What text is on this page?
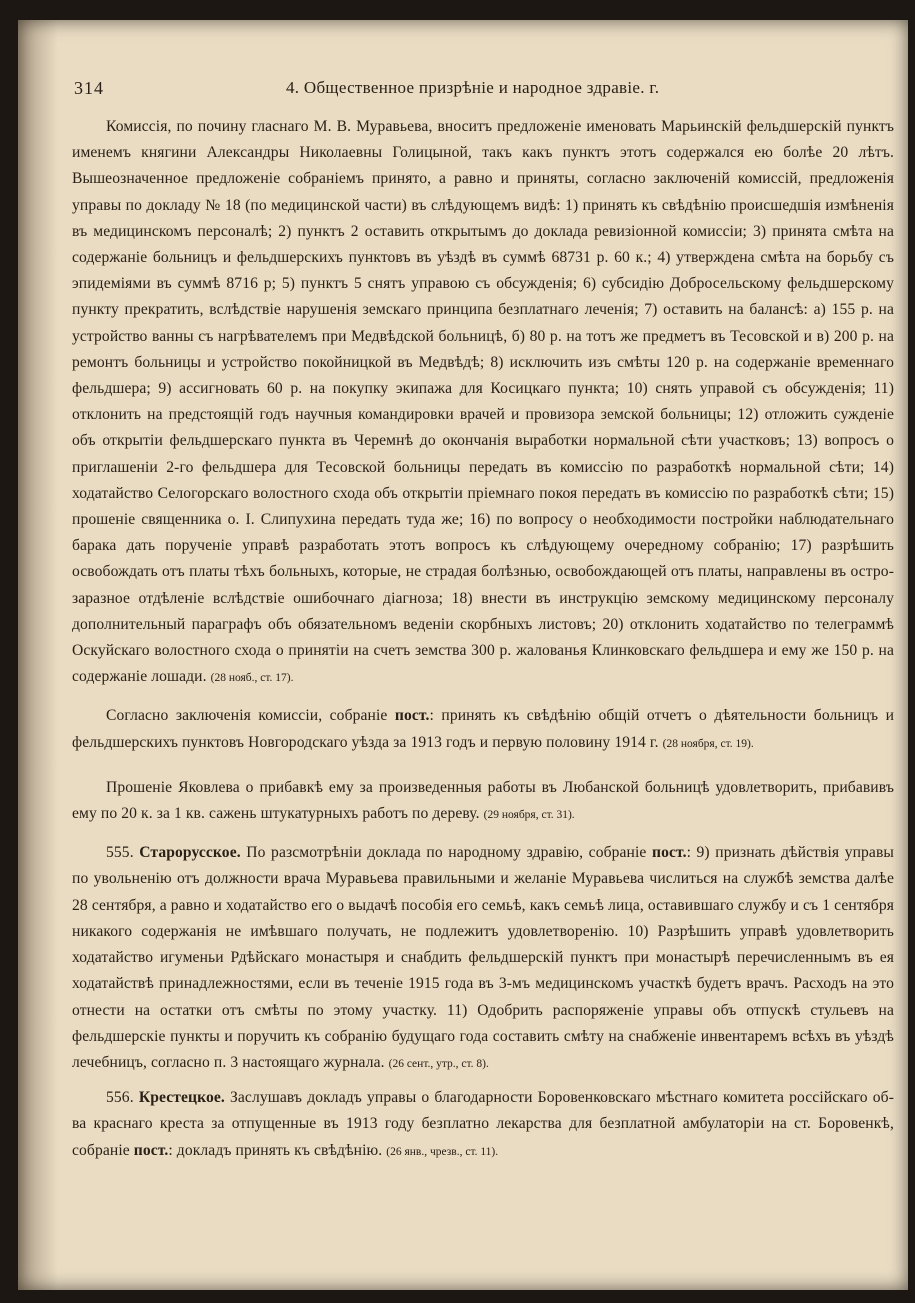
314	4. Общественное призрѣніе и народное здравіе. г.

Комиссія, по почину гласнаго М. В. Муравьева, вноситъ предложеніе именовать Марьинскій фельдшерскій пунктъ именемъ княгини Александры Николаевны Голицыной, такъ какъ пунктъ этотъ содержался ею болѣе 20 лѣтъ. Вышеозначенное предложеніе собраніемъ принято, а равно и приняты, согласно заключеній комиссій, предложенія управы по докладу № 18 (по медицинской части) въ слѣдующемъ видѣ: 1) принять къ свѣдѣнію происшедшія измѣненія въ медицинскомъ персоналѣ; 2) пунктъ 2 оставить открытымъ до доклада ревизіонной комиссіи; 3) принята смѣта на содержаніе больницъ и фельдшерскихъ пунктовъ въ уѣздѣ въ суммѣ 68731 р. 60 к.; 4) утверждена смѣта на борьбу съ эпидеміями въ суммѣ 8716 р; 5) пунктъ 5 снятъ управою съ обсужденія; 6) субсидію Добросельскому фельдшерскому пункту прекратить, вслѣдствіе нарушенія земскаго принципа безплатнаго леченія; 7) оставить на балансѣ: а) 155 р. на устройство ванны съ нагрѣвателемъ при Медвѣдской больницѣ, б) 80 р. на тотъ же предметъ въ Тесовской и в) 200 р. на ремонтъ больницы и устройство покойницкой въ Медвѣдѣ; 8) исключить изъ смѣты 120 р. на содержаніе временнаго фельдшера; 9) ассигновать 60 р. на покупку экипажа для Косицкаго пункта; 10) снять управой съ обсужденія; 11) отклонить на предстоящій годъ научныя командировки врачей и провизора земской больницы; 12) отложить сужденіе объ открытіи фельдшерскаго пункта въ Черемнѣ до окончанія выработки нормальной сѣти участковъ; 13) вопросъ о приглашеніи 2-го фельдшера для Тесовской больницы передать въ комиссію по разработкѣ нормальной сѣти; 14) ходатайство Селогорскаго волостного схода объ открытіи пріемнаго покоя передать въ комиссію по разработкѣ сѣти; 15) прошеніе священника о. І. Слипухина передать туда же; 16) по вопросу о необходимости постройки наблюдательнаго барака дать порученіе управѣ разработать этотъ вопросъ къ слѣдующему очередному собранію; 17) разрѣшить освобождать отъ платы тѣхъ больныхъ, которые, не страдая болѣзнью, освобождающей отъ платы, направлены въ остро-заразное отдѣленіе вслѣдствіе ошибочнаго діагноза; 18) внести въ инструкцію земскому медицинскому персоналу дополнительный параграфъ объ обязательномъ веденіи скорбныхъ листовъ; 20) отклонить ходатайство по телеграммѣ Оскуйскаго волостного схода о принятіи на счетъ земства 300 р. жалованья Клинковскаго фельдшера и ему же 150 р. на содержаніе лошади. (28 нояб., ст. 17).

Согласно заключенія комиссіи, собраніе пост.: принять къ свѣдѣнію общій отчетъ о дѣятельности больницъ и фельдшерскихъ пунктовъ Новгородскаго уѣзда за 1913 годъ и первую половину 1914 г. (28 ноября, ст. 19).

Прошеніе Яковлева о прибавкѣ ему за произведенныя работы въ Любанской больницѣ удовлетворить, прибавивъ ему по 20 к. за 1 кв. сажень штукатурныхъ работъ по дереву. (29 ноября, ст. 31).

555. Старорусское. По разсмотрѣніи доклада по народному здравію, собраніе пост.: 9) признать дѣйствія управы по увольненію отъ должности врача Муравьева правильными и желаніе Муравьева числиться на службѣ земства далѣе 28 сентября, а равно и ходатайство его о выдачѣ пособія его семьѣ, какъ семьѣ лица, оставившаго службу и съ 1 сентября никакого содержанія не имѣвшаго получать, не подлежитъ удовлетворенію. 10) Разрѣшить управѣ удовлетворить ходатайство игуменьи Рдѣйскаго монастыря и снабдить фельдшерскій пунктъ при монастырѣ перечисленнымъ въ ея ходатайствѣ принадлежностями, если въ теченіе 1915 года въ 3-мъ медицинскомъ участкѣ будетъ врачъ. Расходъ на это отнести на остатки отъ смѣты по этому участку. 11) Одобрить распоряженіе управы объ отпускѣ стульевъ на фельдшерскіе пункты и поручить къ собранію будущаго года составить смѣту на снабженіе инвентаремъ всѣхъ въ уѣздѣ лечебницъ, согласно п. 3 настоящаго журнала. (26 сент., утр., ст. 8).

556. Крестецкое. Заслушавъ докладъ управы о благодарности Боровенковскаго мѣстнаго комитета россійскаго об-ва краснаго креста за отпущенные въ 1913 году безплатно лекарства для безплатной амбулаторіи на ст. Боровенкѣ, собраніе пост.: докладъ принять къ свѣдѣнію. (26 янв., чрезв., ст. 11).
